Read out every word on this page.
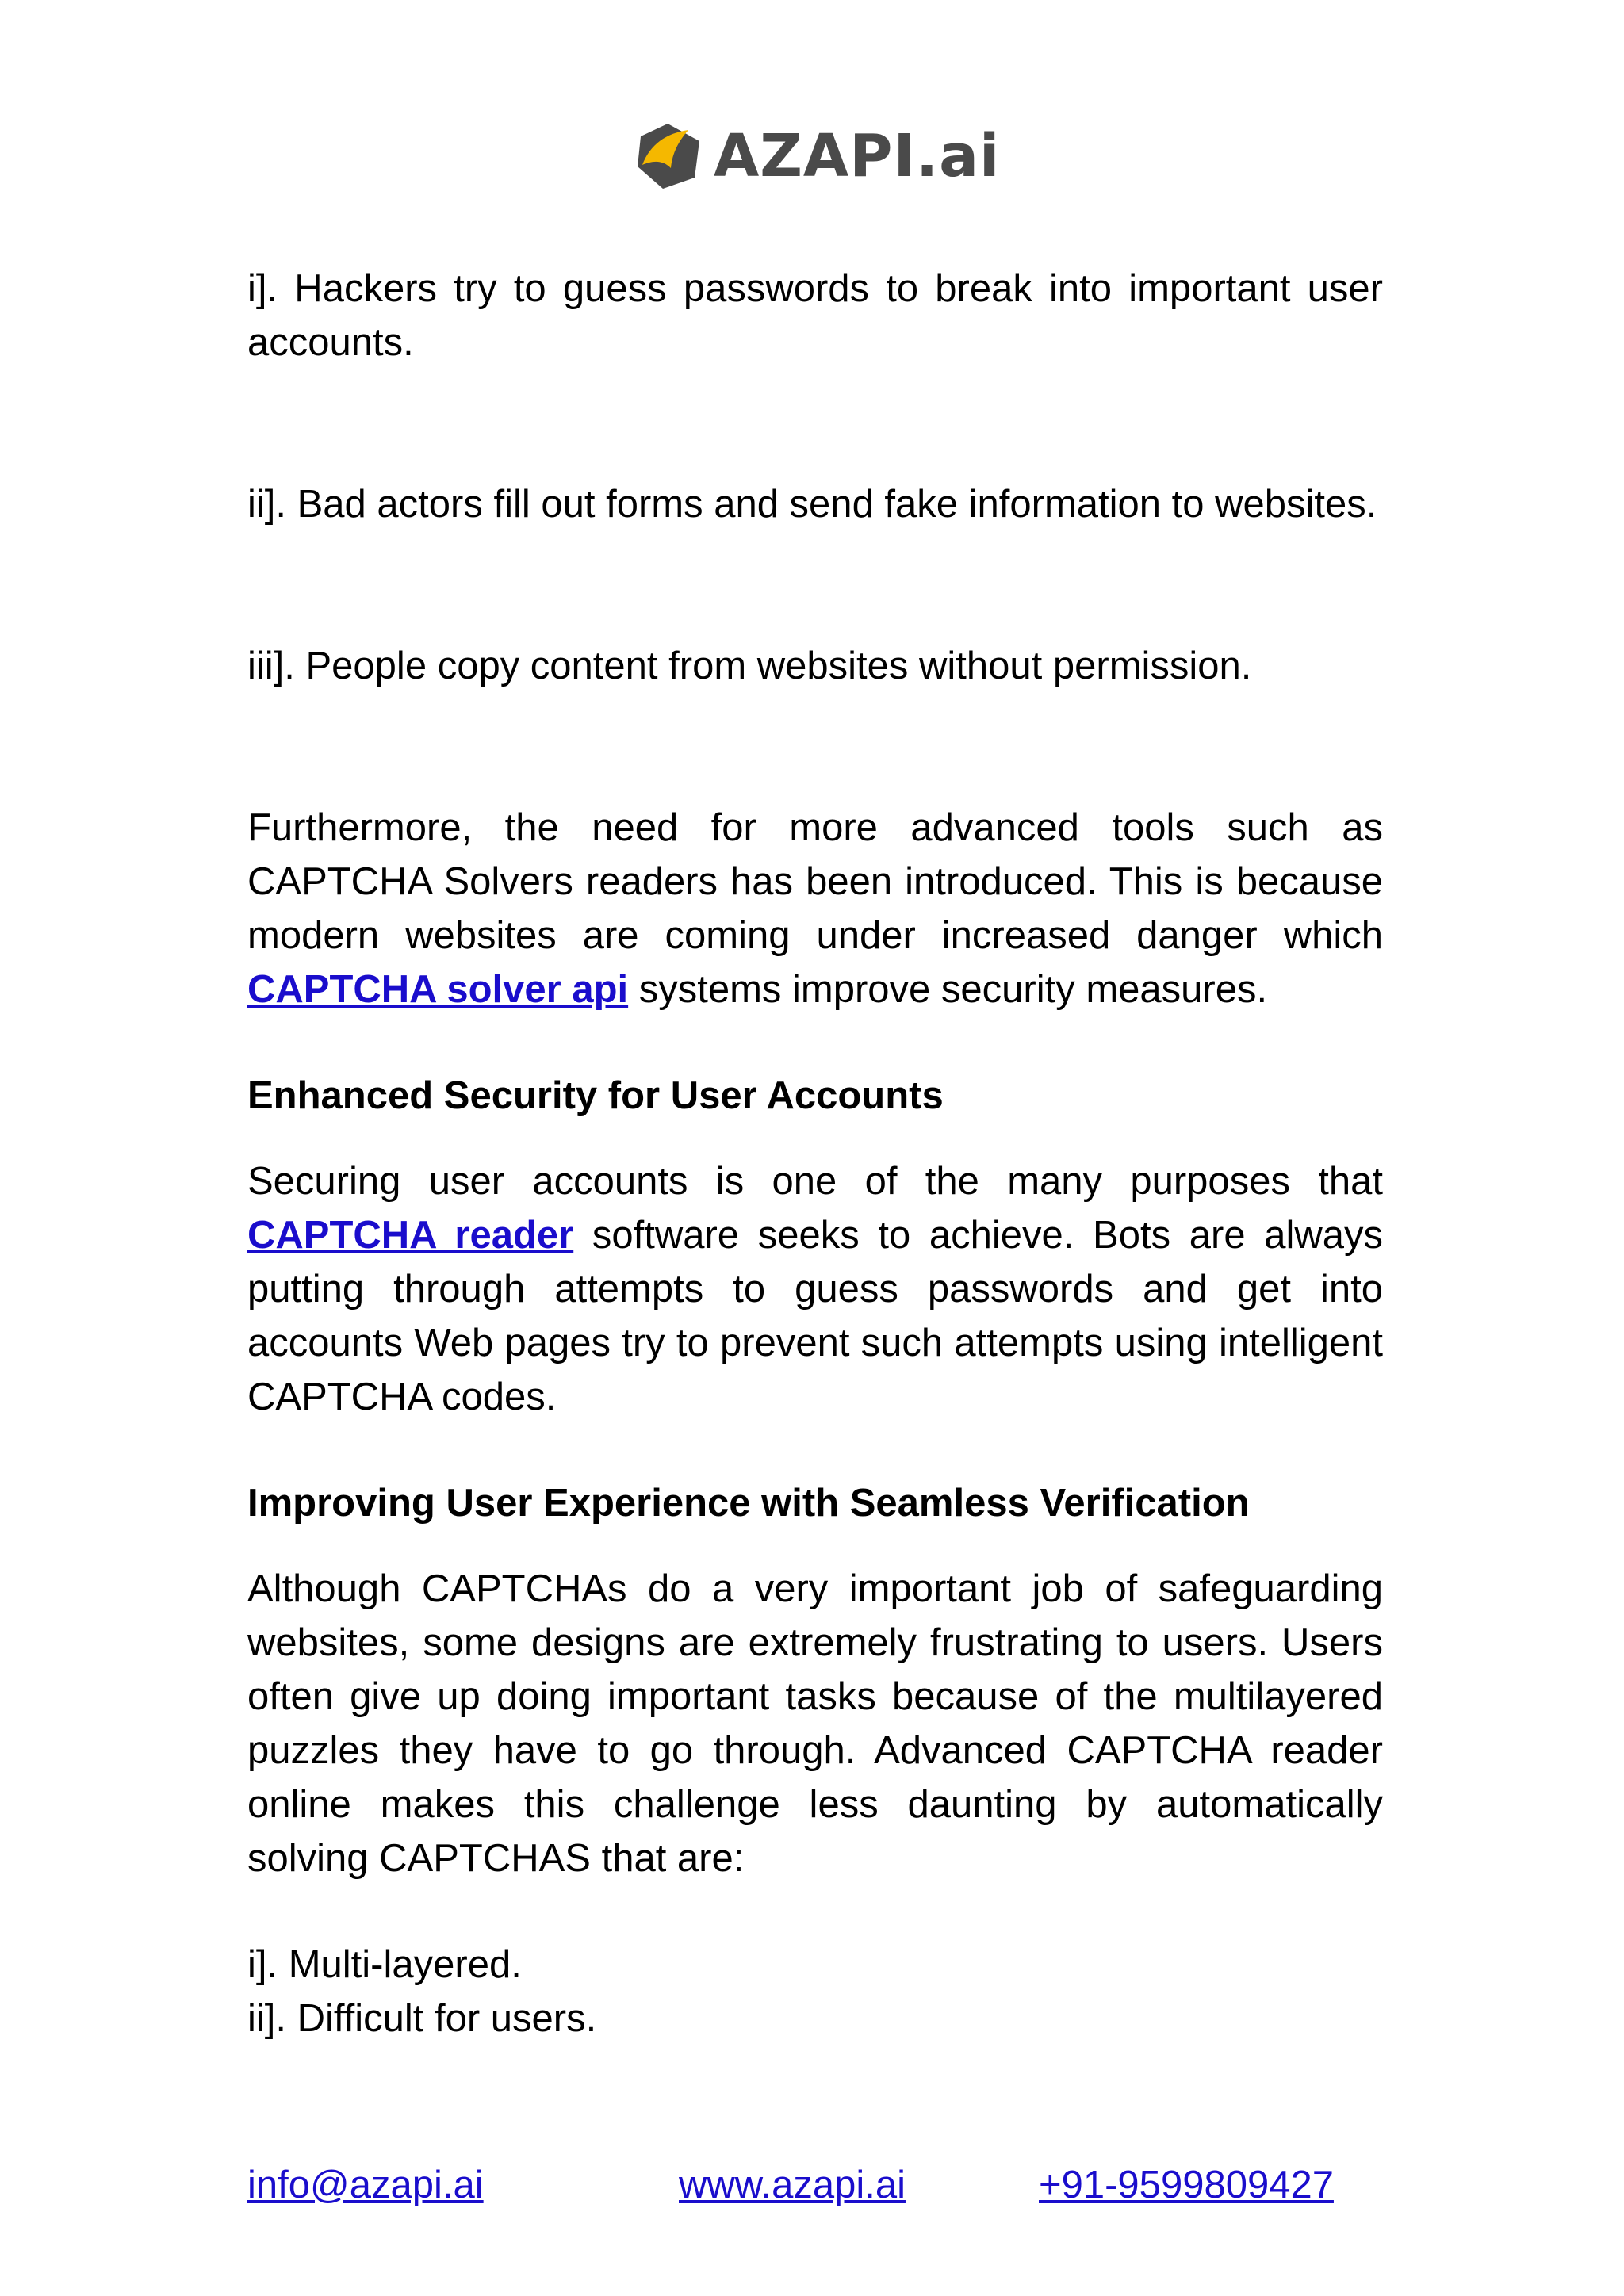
AZAPI.ai

i]. Hackers try to guess passwords to break into important user accounts.

ii]. Bad actors fill out forms and send fake information to websites.

iii]. People copy content from websites without permission.

Furthermore, the need for more advanced tools such as CAPTCHA Solvers readers has been introduced. This is because modern websites are coming under increased danger which CAPTCHA solver api systems improve security measures.

Enhanced Security for User Accounts

Securing user accounts is one of the many purposes that CAPTCHA reader software seeks to achieve. Bots are always putting through attempts to guess passwords and get into accounts Web pages try to prevent such attempts using intelligent CAPTCHA codes.

Improving User Experience with Seamless Verification

Although CAPTCHAs do a very important job of safeguarding websites, some designs are extremely frustrating to users. Users often give up doing important tasks because of the multilayered puzzles they have to go through. Advanced CAPTCHA reader online makes this challenge less daunting by automatically solving CAPTCHAS that are:

i]. Multi-layered.

ii]. Difficult for users.

info@azapi.ai	www.azapi.ai	+91-9599809427
